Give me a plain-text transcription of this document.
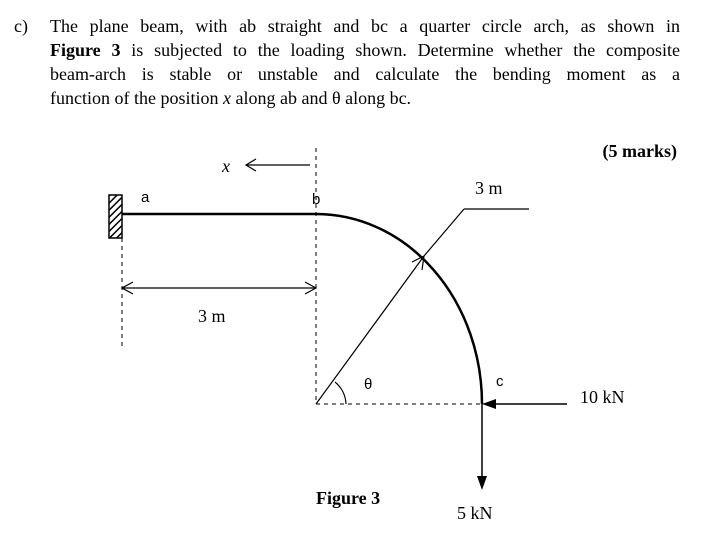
c) The plane beam, with ab straight and bc a quarter circle arch, as shown in
Figure 3 is subjected to the loading shown. Determine whether the composite
beam-arch is stable or unstable and calculate the bending moment as a
function of the position x along ab and θ along bc.
(5 marks)
x
3 m
3 m
θ
a	b
c
10 kN
5 kN
Figure 3
